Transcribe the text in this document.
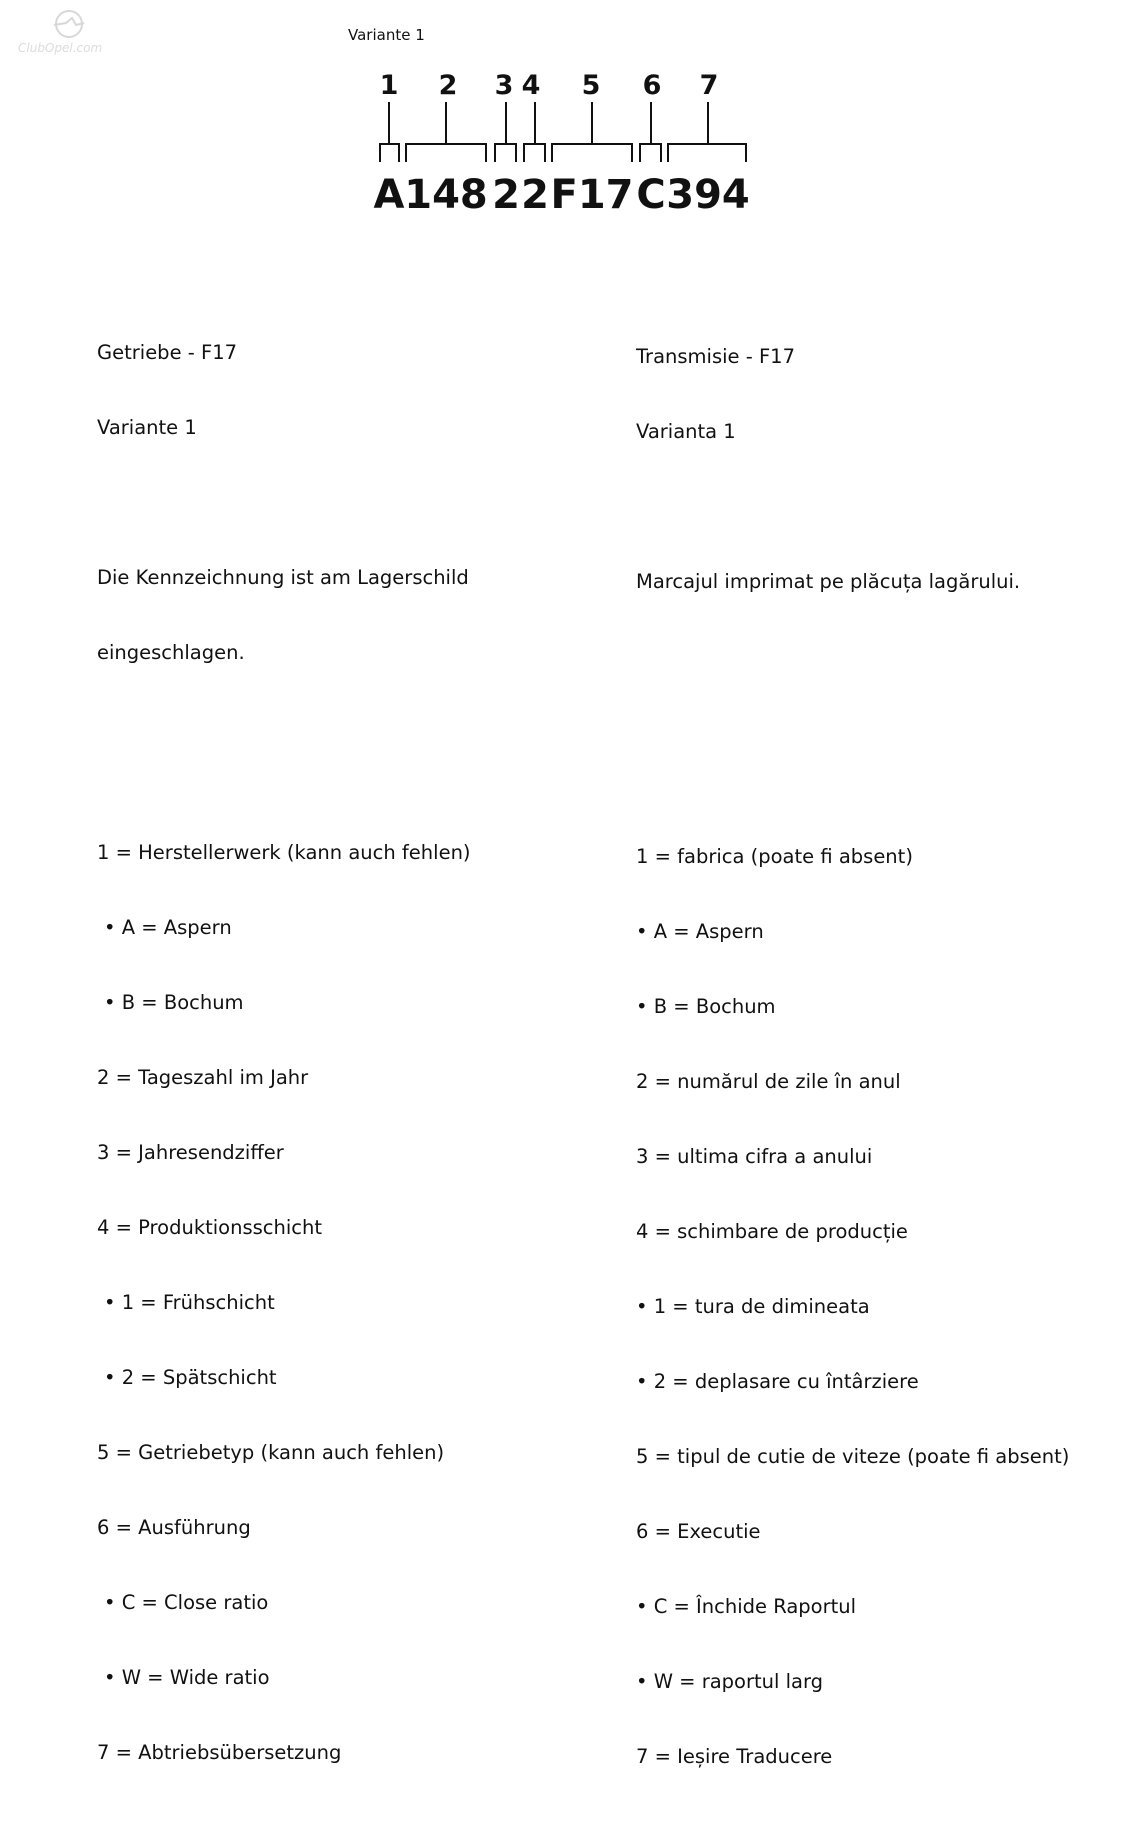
ClubOpel.com
Variante 1
1 2 3 4 5 6 7
A 148 2 2 F17 C 394

Getriebe - F17

Variante 1

Die Kennzeichnung ist am Lagerschild

eingeschlagen.

1 = Herstellerwerk (kann auch fehlen)

• A = Aspern

• B = Bochum

2 = Tageszahl im Jahr

3 = Jahresendziffer

4 = Produktionsschicht

• 1 = Frühschicht

• 2 = Spätschicht

5 = Getriebetyp (kann auch fehlen)

6 = Ausführung

• C = Close ratio

• W = Wide ratio

7 = Abtriebsübersetzung

Transmisie - F17

Varianta 1

Marcajul imprimat pe plăcuța lagărului.

1 = fabrica (poate fi absent)

• A = Aspern

• B = Bochum

2 = numărul de zile în anul

3 = ultima cifra a anului

4 = schimbare de producție

• 1 = tura de dimineata

• 2 = deplasare cu întârziere

5 = tipul de cutie de viteze (poate fi absent)

6 = Executie

• C = Închide Raportul

• W = raportul larg

7 = Ieșire Traducere
